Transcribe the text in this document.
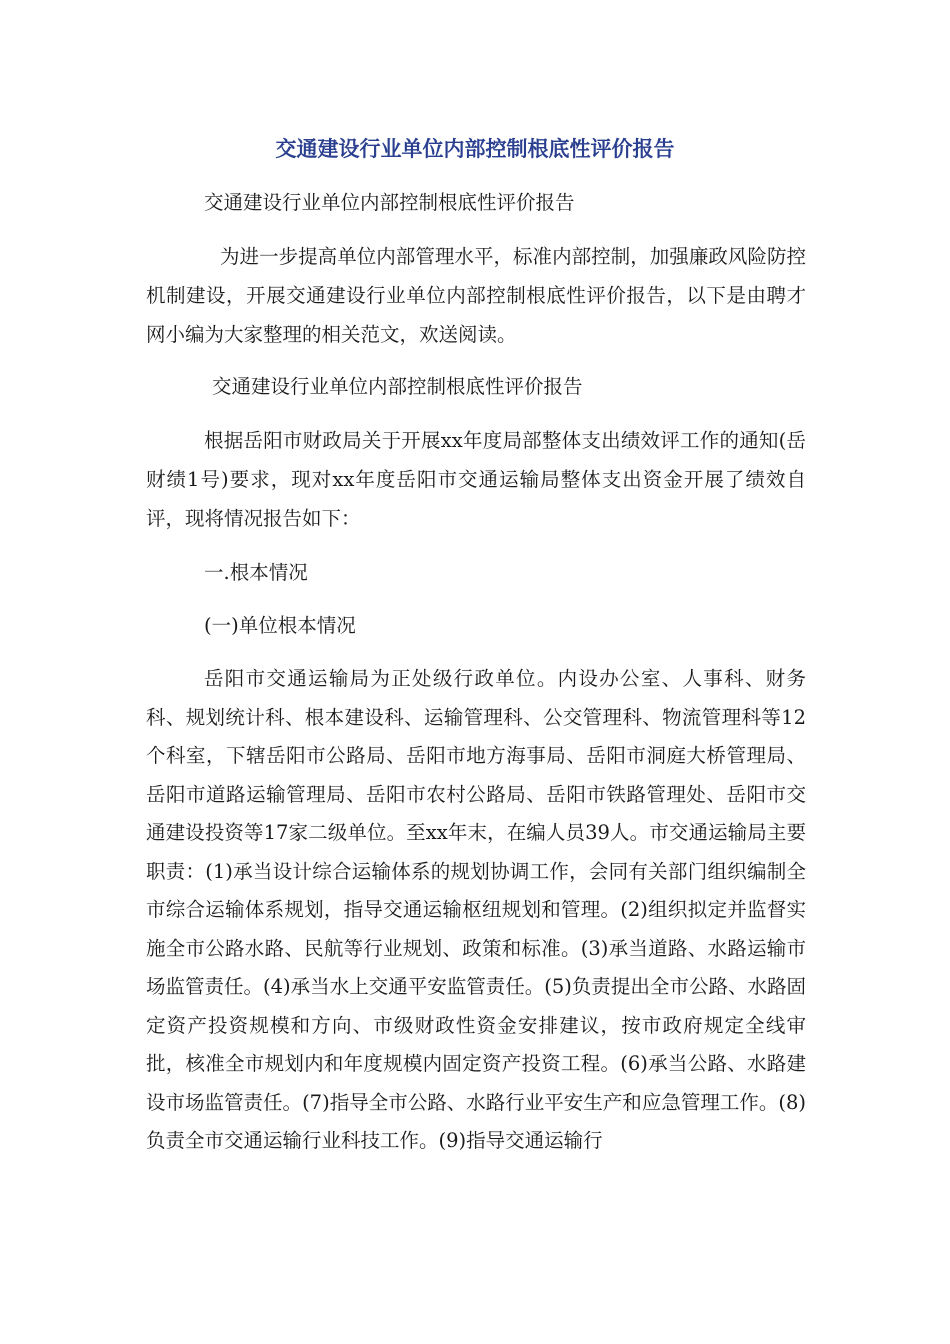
交通建设行业单位内部控制根底性评价报告

交通建设行业单位内部控制根底性评价报告

为进一步提高单位内部管理水平，标准内部控制，加强廉政风险防控机制建设，开展交通建设行业单位内部控制根底性评价报告，以下是由聘才网小编为大家整理的相关范文，欢送阅读。

交通建设行业单位内部控制根底性评价报告

根据岳阳市财政局关于开展xx年度局部整体支出绩效评工作的通知(岳财绩1号)要求，现对xx年度岳阳市交通运输局整体支出资金开展了绩效自评，现将情况报告如下：

一.根本情况

(一)单位根本情况

岳阳市交通运输局为正处级行政单位。内设办公室、人事科、财务科、规划统计科、根本建设科、运输管理科、公交管理科、物流管理科等12个科室，下辖岳阳市公路局、岳阳市地方海事局、岳阳市洞庭大桥管理局、岳阳市道路运输管理局、岳阳市农村公路局、岳阳市铁路管理处、岳阳市交通建设投资等17家二级单位。至xx年末，在编人员39人。市交通运输局主要职责：(1)承当设计综合运输体系的规划协调工作，会同有关部门组织编制全市综合运输体系规划，指导交通运输枢纽规划和管理。(2)组织拟定并监督实施全市公路水路、民航等行业规划、政策和标准。(3)承当道路、水路运输市场监管责任。(4)承当水上交通平安监管责任。(5)负责提出全市公路、水路固定资产投资规模和方向、市级财政性资金安排建议，按市政府规定全线审批，核准全市规划内和年度规模内固定资产投资工程。(6)承当公路、水路建设市场监管责任。(7)指导全市公路、水路行业平安生产和应急管理工作。(8)负责全市交通运输行业科技工作。(9)指导交通运输行
